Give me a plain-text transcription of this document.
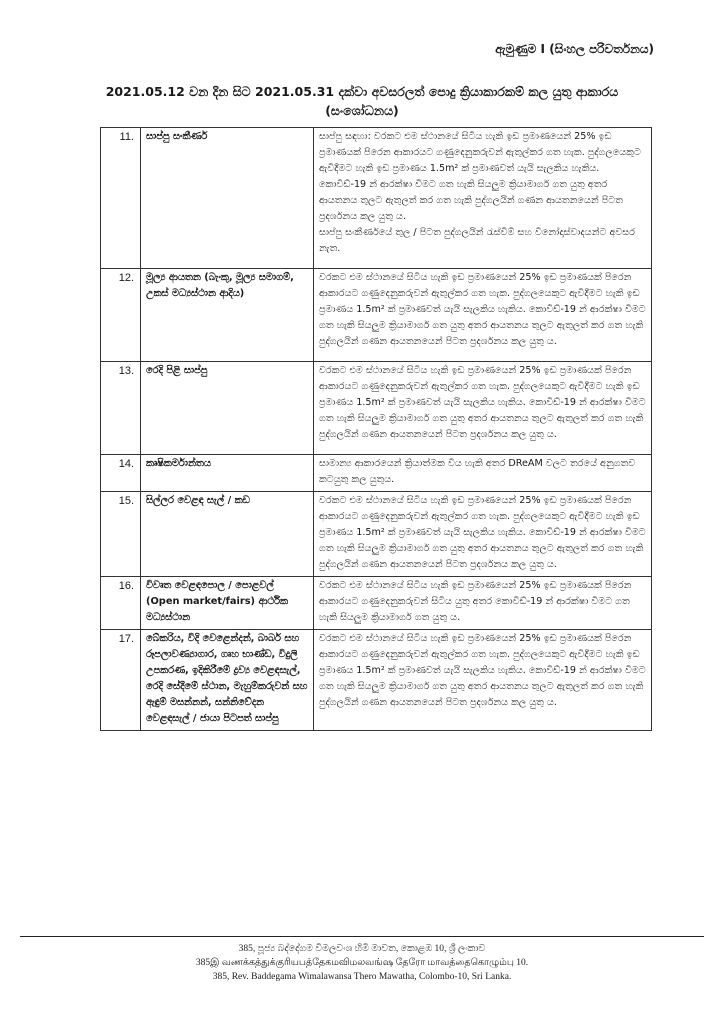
ඇමුණුම I (සිංහල පරිවර්තනය)
2021.05.12 වන දින සිට 2021.05.31 දක්වා අවසරලත් පොදු ක්‍රියාකාරකම් කල යුතු ආකාරය
(සංශෝධනය)
11.	සාප්පු සංකීර්ණ	සාප්පු සඳහා: වරකට එම ස්ථානයේ සිටිය හැකි ඉඩ ප්‍රමාණයෙන් 25% ඉඩ ප්‍රමාණයක් පිරෙන ආකාරයට ගණුදෙනුකරුවන් ඇතුල්කර ගත හැක. පුද්ගලයෙකුට ඇවිදීමට හැකි ඉඩ ප්‍රමාණය 1.5m² ක් ප්‍රමාණවත් යැයි සැලකිය හැකිය. කොවිඩ්-19 න් ආරක්ෂා වීමට ගත හැකි සියලුම ක්‍රියාමාර්ග ගත යුතු අතර ආයතනය තුලට ඇතුලත් කර ගත හැකි පුද්ගලයින් ගණන ආයතනයෙන් පිටත ප්‍රදර්ශනය කල යුතු ය.
සාප්පු සංකීර්ණයේ තුල / පිටත පුද්ගලයින් රැස්වීම් සහ විනෝදාස්වාදයන්ට අවසර නැත.

12.	මූල්‍ය ආයතන (බැංකු, මූල්‍ය සමාගම්, උකස් මධ්‍යස්ථාන ආදිය)	වරකට එම ස්ථානයේ සිටිය හැකි ඉඩ ප්‍රමාණයෙන් 25% ඉඩ ප්‍රමාණයක් පිරෙන ආකාරයට ගණුදෙනුකරුවන් ඇතුල්කර ගත හැක. පුද්ගලයෙකුට ඇවිදීමට හැකි ඉඩ ප්‍රමාණය 1.5m² ක් ප්‍රමාණවත් යැයි සැලකිය හැකිය. කොවිඩ්-19 න් ආරක්ෂා වීමට ගත හැකි සියලුම ක්‍රියාමාර්ග ගත යුතු අතර ආයතනය තුලට ඇතුලත් කර ගත හැකි පුද්ගලයින් ගණන ආයතනයෙන් පිටත ප්‍රදර්ශනය කල යුතු ය.

13.	රෙදි පිළි සාප්පු	වරකට එම ස්ථානයේ සිටිය හැකි ඉඩ ප්‍රමාණයෙන් 25% ඉඩ ප්‍රමාණයක් පිරෙන ආකාරයට ගණුදෙනුකරුවන් ඇතුල්කර ගත හැක. පුද්ගලයෙකුට ඇවිදීමට හැකි ඉඩ ප්‍රමාණය 1.5m² ක් ප්‍රමාණවත් යැයි සැලකිය හැකිය. කොවිඩ්-19 න් ආරක්ෂා වීමට ගත හැකි සියලුම ක්‍රියාමාර්ග ගත යුතු අතර ආයතනය තුලට ඇතුලත් කර ගත හැකි පුද්ගලයින් ගණන ආයතනයෙන් පිටත ප්‍රදර්ශනය කල යුතු ය.

14.	කෘෂිකර්මාන්තය	සාමාන්‍ය ආකාරයෙන් ක්‍රියාත්මක විය හැකි අතර DReAM වලට තරයේ අනුගතව කටයුතු කල යුතුය.
15.	සිල්ලර වෙළඳ සැල් / කඩ	වරකට එම ස්ථානයේ සිටිය හැකි ඉඩ ප්‍රමාණයෙන් 25% ඉඩ ප්‍රමාණයක් පිරෙන ආකාරයට ගණුදෙනුකරුවන් ඇතුල්කර ගත හැක. පුද්ගලයෙකුට ඇවිදීමට හැකි ඉඩ ප්‍රමාණය 1.5m² ක් ප්‍රමාණවත් යැයි සැලකිය හැකිය. කොවිඩ්-19 න් ආරක්ෂා වීමට ගත හැකි සියලුම ක්‍රියාමාර්ග ගත යුතු අතර ආයතනය තුලට ඇතුලත් කර ගත හැකි පුද්ගලයින් ගණන ආයතනයෙන් පිටත ප්‍රදර්ශනය කල යුතු ය.
16.	විවෘත වෙළඳපොල / පොළවල් (Open market/fairs) ආර්ථික මධ්‍යස්ථාන	වරකට එම ස්ථානයේ සිටිය හැකි ඉඩ ප්‍රමාණයෙන් 25% ඉඩ ප්‍රමාණයක් පිරෙන ආකාරයට ගණුදෙනුකරුවන් සිටිය යුතු අතර කොවිඩ්-19 න් ආරක්ෂා වීමට ගත හැකි සියලුම ක්‍රියාමාර්ග ගත යුතු ය.
17.	බේකරිය, විදි වෙළෙන්දන්, බාබර් සහ රූපලාවණ්‍යාගාර, ගෘහ භාණ්ඩ, විදුලි උපකරණ, ඉදිකිරීමේ ද්‍රව්‍ය වෙළඳසැල්, රෙදි සේදීමේ ස්ථාන, මැහුම්කරුවන් සහ ඇඳුම් මසන්නන්, සන්නිවේදන වෙළඳසැල් / ජායා පිටපත් සාප්පු	වරකට එම ස්ථානයේ සිටිය හැකි ඉඩ ප්‍රමාණයෙන් 25% ඉඩ ප්‍රමාණයක් පිරෙන ආකාරයට ගණුදෙනුකරුවන් ඇතුල්කර ගත හැක. පුද්ගලයෙකුට ඇවිදීමට හැකි ඉඩ ප්‍රමාණය 1.5m² ක් ප්‍රමාණවත් යැයි සැලකිය හැකිය. කොවිඩ්-19 න් ආරක්ෂා වීමට ගත හැකි සියලුම ක්‍රියාමාර්ග ගත යුතු අතර ආයතනය තුලට ඇතුලත් කර ගත හැකි පුද්ගලයින් ගණන ආයතනයෙන් පිටත ප්‍රදර්ශනය කල යුතු ය.
385, පූජ්‍ය බද්දේගම විමලවංශ හිමි මාවත, කොළඹ 10, ශ්‍රී ලංකාව
385இ வணக்கத்துக்குரியபத்தேகமவிமலவங்ஷ தேரோ மாவத்தைகொழும்பு 10.
385, Rev. Baddegama Wimalawansa Thero Mawatha, Colombo-10, Sri Lanka.
